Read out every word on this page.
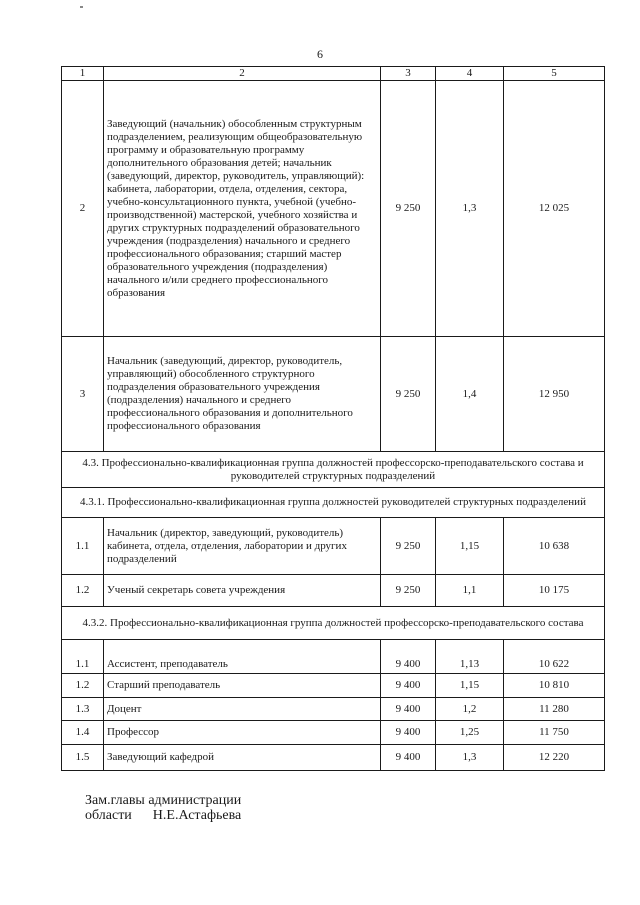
6
1	2	3	4	5
2	Заведующий (начальник) обособленным структурным подразделением, реализующим общеобразовательную программу и образовательную программу дополнительного образования детей; начальник (заведующий, директор, руководитель, управляющий): кабинета, лаборатории, отдела, отделения, сектора, учебно-консультационного пункта, учебной (учебно-производственной) мастерской, учебного хозяйства и других структурных подразделений образовательного учреждения (подразделения) начального и среднего профессионального образования; старший мастер образовательного учреждения (подразделения) начального и/или среднего профессионального образования	9 250	1,3	12 025
3	Начальник (заведующий, директор, руководитель, управляющий) обособленного структурного подразделения образовательного учреждения (подразделения) начального и среднего профессионального образования и дополнительного профессионального образования	9 250	1,4	12 950
4.3. Профессионально-квалификационная группа должностей профессорско-преподавательского состава и руководителей структурных подразделений				
4.3.1. Профессионально-квалификационная группа должностей руководителей структурных подразделений				
1.1	Начальник (директор, заведующий, руководитель) кабинета, отдела, отделения, лаборатории и других подразделений	9 250	1,15	10 638
1.2	Ученый секретарь совета учреждения	9 250	1,1	10 175
4.3.2. Профессионально-квалификационная группа должностей профессорско-преподавательского состава				
1.1	Ассистент, преподаватель	9 400	1,13	10 622
1.2	Старший преподаватель	9 400	1,15	10 810
1.3	Доцент	9 400	1,2	11 280
1.4	Профессор	9 400	1,25	11 750
1.5	Заведующий кафедрой	9 400	1,3	12 220
Зам.главы администрации
области      Н.Е.Астафьева
